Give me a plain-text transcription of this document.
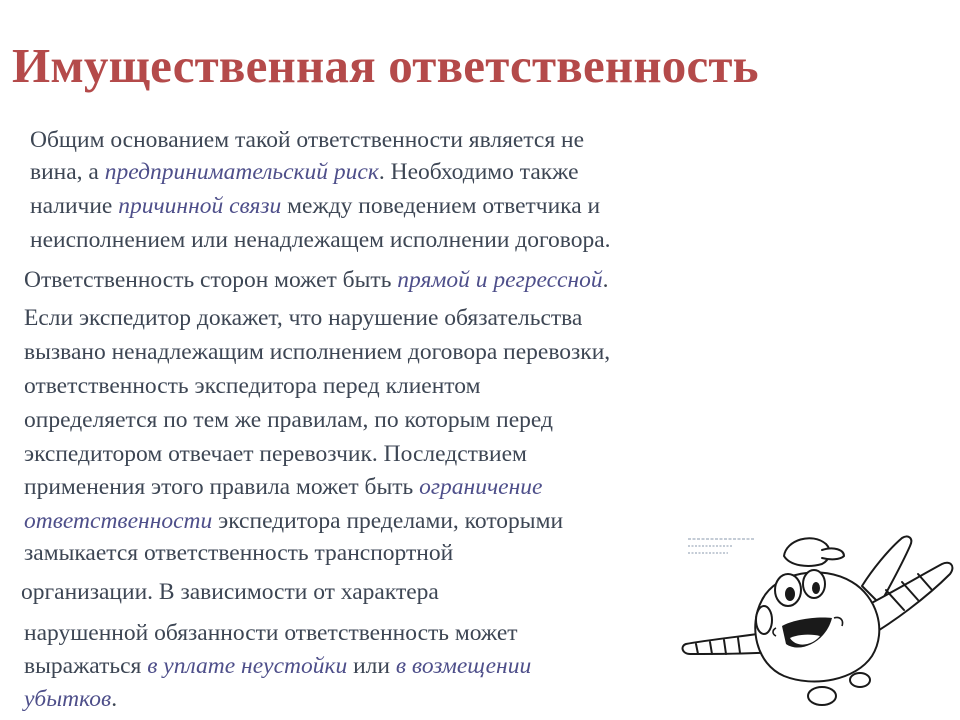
Имущественная ответственность
Общим основанием такой ответственности является не
вина, а предпринимательский риск. Необходимо также
наличие причинной связи между поведением ответчика и
неисполнением или ненадлежащем исполнении договора.
Ответственность сторон может быть прямой и регрессной.
Если экспедитор докажет, что нарушение обязательства
вызвано ненадлежащим исполнением договора перевозки,
ответственность экспедитора перед клиентом
определяется по тем же правилам, по которым перед
экспедитором отвечает перевозчик. Последствием
применения этого правила может быть ограничение
ответственности экспедитора пределами, которыми
замыкается ответственность транспортной
организации. В зависимости от характера
нарушенной обязанности ответственность может
выражаться в уплате неустойки или в возмещении
убытков.
